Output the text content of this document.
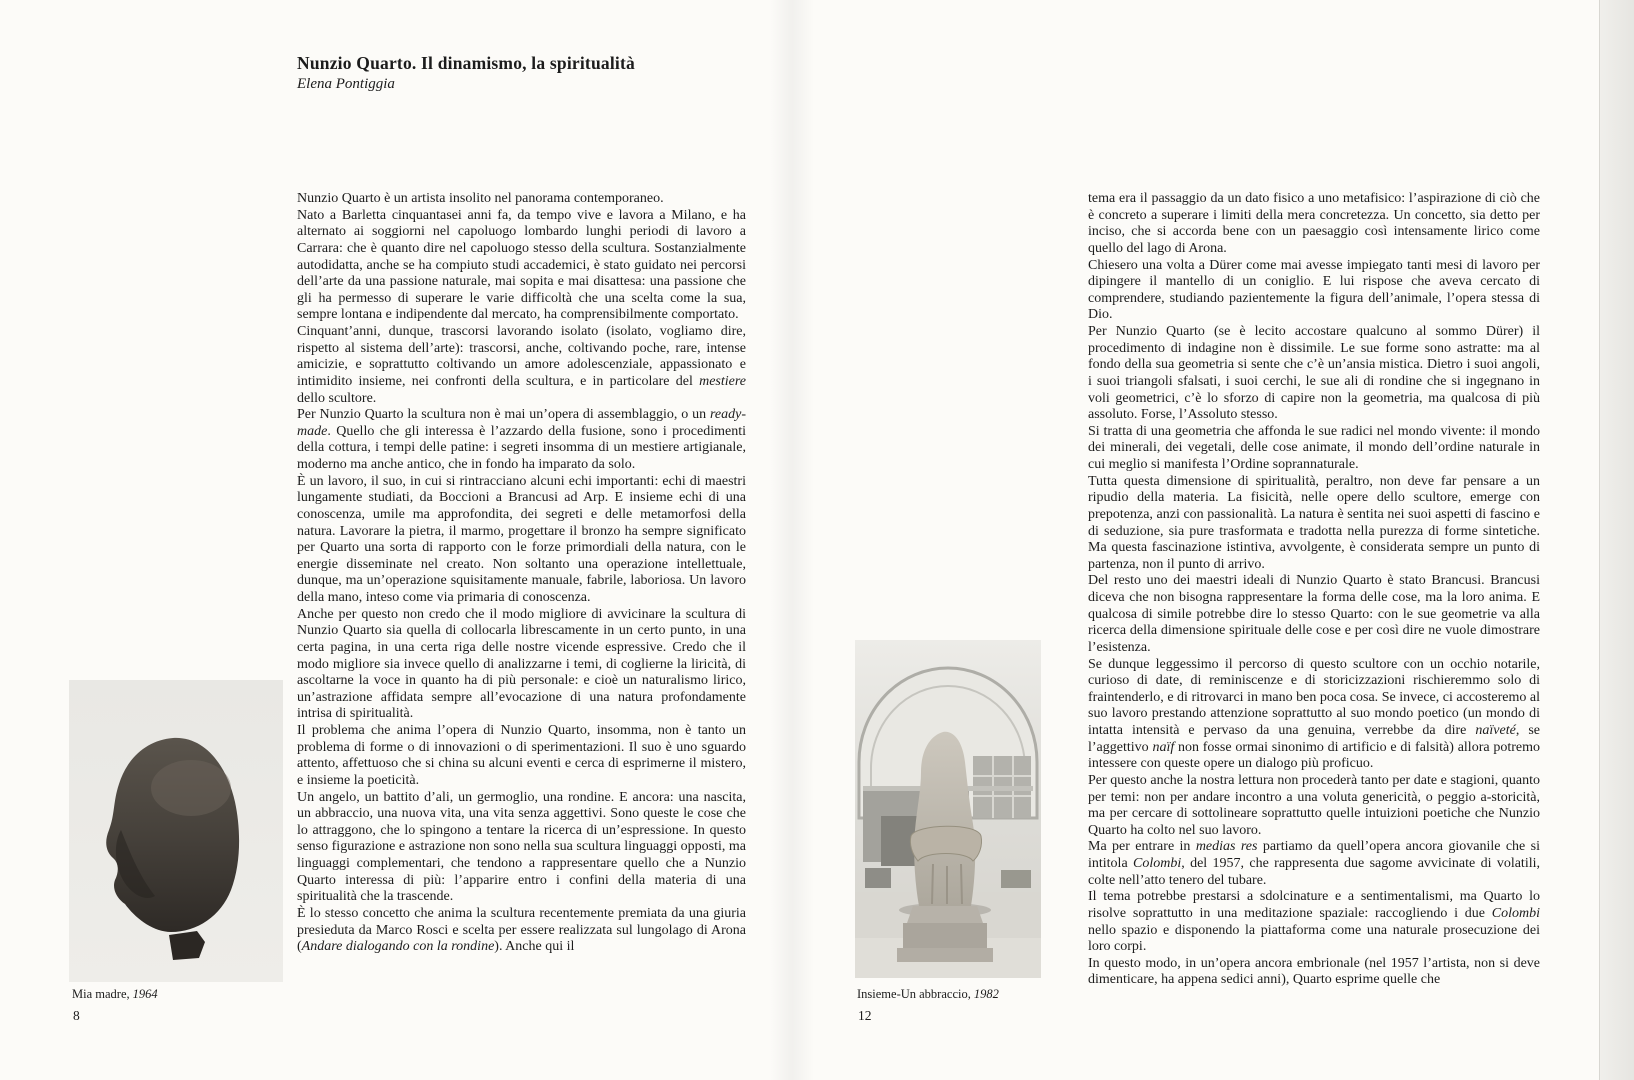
Nunzio Quarto. Il dinamismo, la spiritualità
Elena Pontiggia

Nunzio Quarto è un artista insolito nel panorama contemporaneo.

Nato a Barletta cinquantasei anni fa, da tempo vive e lavora a Milano, e ha alternato ai soggiorni nel capoluogo lombardo lunghi periodi di lavoro a Carrara: che è quanto dire nel capoluogo stesso della scultura. Sostanzialmente autodidatta, anche se ha compiuto studi accademici, è stato guidato nei percorsi dell’arte da una passione naturale, mai sopita e mai disattesa: una passione che gli ha permesso di superare le varie difficoltà che una scelta come la sua, sempre lontana e indipendente dal mercato, ha comprensibilmente comportato.

Cinquant’anni, dunque, trascorsi lavorando isolato (isolato, vogliamo dire, rispetto al sistema dell’arte): trascorsi, anche, coltivando poche, rare, intense amicizie, e soprattutto coltivando un amore adolescenziale, appassionato e intimidito insieme, nei confronti della scultura, e in particolare del mestiere dello scultore.

Per Nunzio Quarto la scultura non è mai un’opera di assemblaggio, o un ready-made. Quello che gli interessa è l’azzardo della fusione, sono i procedimenti della cottura, i tempi delle patine: i segreti insomma di un mestiere artigianale, moderno ma anche antico, che in fondo ha imparato da solo.

È un lavoro, il suo, in cui si rintracciano alcuni echi importanti: echi di maestri lungamente studiati, da Boccioni a Brancusi ad Arp. E insieme echi di una conoscenza, umile ma approfondita, dei segreti e delle metamorfosi della natura. Lavorare la pietra, il marmo, progettare il bronzo ha sempre significato per Quarto una sorta di rapporto con le forze primordiali della natura, con le energie disseminate nel creato. Non soltanto una operazione intellettuale, dunque, ma un’operazione squisitamente manuale, fabrile, laboriosa. Un lavoro della mano, inteso come via primaria di conoscenza.

Anche per questo non credo che il modo migliore di avvicinare la scultura di Nunzio Quarto sia quella di collocarla librescamente in un certo punto, in una certa pagina, in una certa riga delle nostre vicende espressive. Credo che il modo migliore sia invece quello di analizzarne i temi, di coglierne la liricità, di ascoltarne la voce in quanto ha di più personale: e cioè un naturalismo lirico, un’astrazione affidata sempre all’evocazione di una natura profondamente intrisa di spiritualità.

Il problema che anima l’opera di Nunzio Quarto, insomma, non è tanto un problema di forme o di innovazioni o di sperimentazioni. Il suo è uno sguardo attento, affettuoso che si china su alcuni eventi e cerca di esprimerne il mistero, e insieme la poeticità.

Un angelo, un battito d’ali, un germoglio, una rondine. E ancora: una nascita, un abbraccio, una nuova vita, una vita senza aggettivi. Sono queste le cose che lo attraggono, che lo spingono a tentare la ricerca di un’espressione. In questo senso figurazione e astrazione non sono nella sua scultura linguaggi opposti, ma linguaggi complementari, che tendono a rappresentare quello che a Nunzio Quarto interessa di più: l’apparire entro i confini della materia di una spiritualità che la trascende.

È lo stesso concetto che anima la scultura recentemente premiata da una giuria presieduta da Marco Rosci e scelta per essere realizzata sul lungolago di Arona (Andare dialogando con la rondine). Anche qui il

Mia madre, 1964
8

tema era il passaggio da un dato fisico a uno metafisico: l’aspirazione di ciò che è concreto a superare i limiti della mera concretezza. Un concetto, sia detto per inciso, che si accorda bene con un paesaggio così intensamente lirico come quello del lago di Arona.

Chiesero una volta a Dürer come mai avesse impiegato tanti mesi di lavoro per dipingere il mantello di un coniglio. E lui rispose che aveva cercato di comprendere, studiando pazientemente la figura dell’animale, l’opera stessa di Dio.

Per Nunzio Quarto (se è lecito accostare qualcuno al sommo Dürer) il procedimento di indagine non è dissimile. Le sue forme sono astratte: ma al fondo della sua geometria si sente che c’è un’ansia mistica. Dietro i suoi angoli, i suoi triangoli sfalsati, i suoi cerchi, le sue ali di rondine che si ingegnano in voli geometrici, c’è lo sforzo di capire non la geometria, ma qualcosa di più assoluto. Forse, l’Assoluto stesso.

Si tratta di una geometria che affonda le sue radici nel mondo vivente: il mondo dei minerali, dei vegetali, delle cose animate, il mondo dell’ordine naturale in cui meglio si manifesta l’Ordine soprannaturale.

Tutta questa dimensione di spiritualità, peraltro, non deve far pensare a un ripudio della materia. La fisicità, nelle opere dello scultore, emerge con prepotenza, anzi con passionalità. La natura è sentita nei suoi aspetti di fascino e di seduzione, sia pure trasformata e tradotta nella purezza di forme sintetiche. Ma questa fascinazione istintiva, avvolgente, è considerata sempre un punto di partenza, non il punto di arrivo.

Del resto uno dei maestri ideali di Nunzio Quarto è stato Brancusi. Brancusi diceva che non bisogna rappresentare la forma delle cose, ma la loro anima. E qualcosa di simile potrebbe dire lo stesso Quarto: con le sue geometrie va alla ricerca della dimensione spirituale delle cose e per così dire ne vuole dimostrare l’esistenza.

Se dunque leggessimo il percorso di questo scultore con un occhio notarile, curioso di date, di reminiscenze e di storicizzazioni rischieremmo solo di fraintenderlo, e di ritrovarci in mano ben poca cosa. Se invece, ci accosteremo al suo lavoro prestando attenzione soprattutto al suo mondo poetico (un mondo di intatta intensità e pervaso da una genuina, verrebbe da dire naïveté, se l’aggettivo naïf non fosse ormai sinonimo di artificio e di falsità) allora potremo intessere con queste opere un dialogo più proficuo.

Per questo anche la nostra lettura non procederà tanto per date e stagioni, quanto per temi: non per andare incontro a una voluta genericità, o peggio a-storicità, ma per cercare di sottolineare soprattutto quelle intuizioni poetiche che Nunzio Quarto ha colto nel suo lavoro.

Ma per entrare in medias res partiamo da quell’opera ancora giovanile che si intitola Colombi, del 1957, che rappresenta due sagome avvicinate di volatili, colte nell’atto tenero del tubare.

Il tema potrebbe prestarsi a sdolcinature e a sentimentalismi, ma Quarto lo risolve soprattutto in una meditazione spaziale: raccogliendo i due Colombi nello spazio e disponendo la piattaforma come una naturale prosecuzione dei loro corpi.

In questo modo, in un’opera ancora embrionale (nel 1957 l’artista, non si deve dimenticare, ha appena sedici anni), Quarto esprime quelle che

Insieme-Un abbraccio, 1982
12
